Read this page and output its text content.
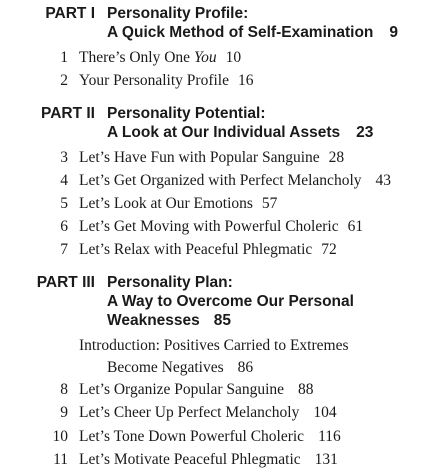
PART I Personality Profile:
A Quick Method of Self-Examination 9
1 There’s Only One You 10
2 Your Personality Profile 16
PART II Personality Potential:
A Look at Our Individual Assets 23
3 Let’s Have Fun with Popular Sanguine 28
4 Let’s Get Organized with Perfect Melancholy 43
5 Let’s Look at Our Emotions 57
6 Let’s Get Moving with Powerful Choleric 61
7 Let’s Relax with Peaceful Phlegmatic 72
PART III Personality Plan:
A Way to Overcome Our Personal
Weaknesses 85
Introduction: Positives Carried to Extremes
Become Negatives 86
8 Let’s Organize Popular Sanguine 88
9 Let’s Cheer Up Perfect Melancholy 104
10 Let’s Tone Down Powerful Choleric 116
11 Let’s Motivate Peaceful Phlegmatic 131
